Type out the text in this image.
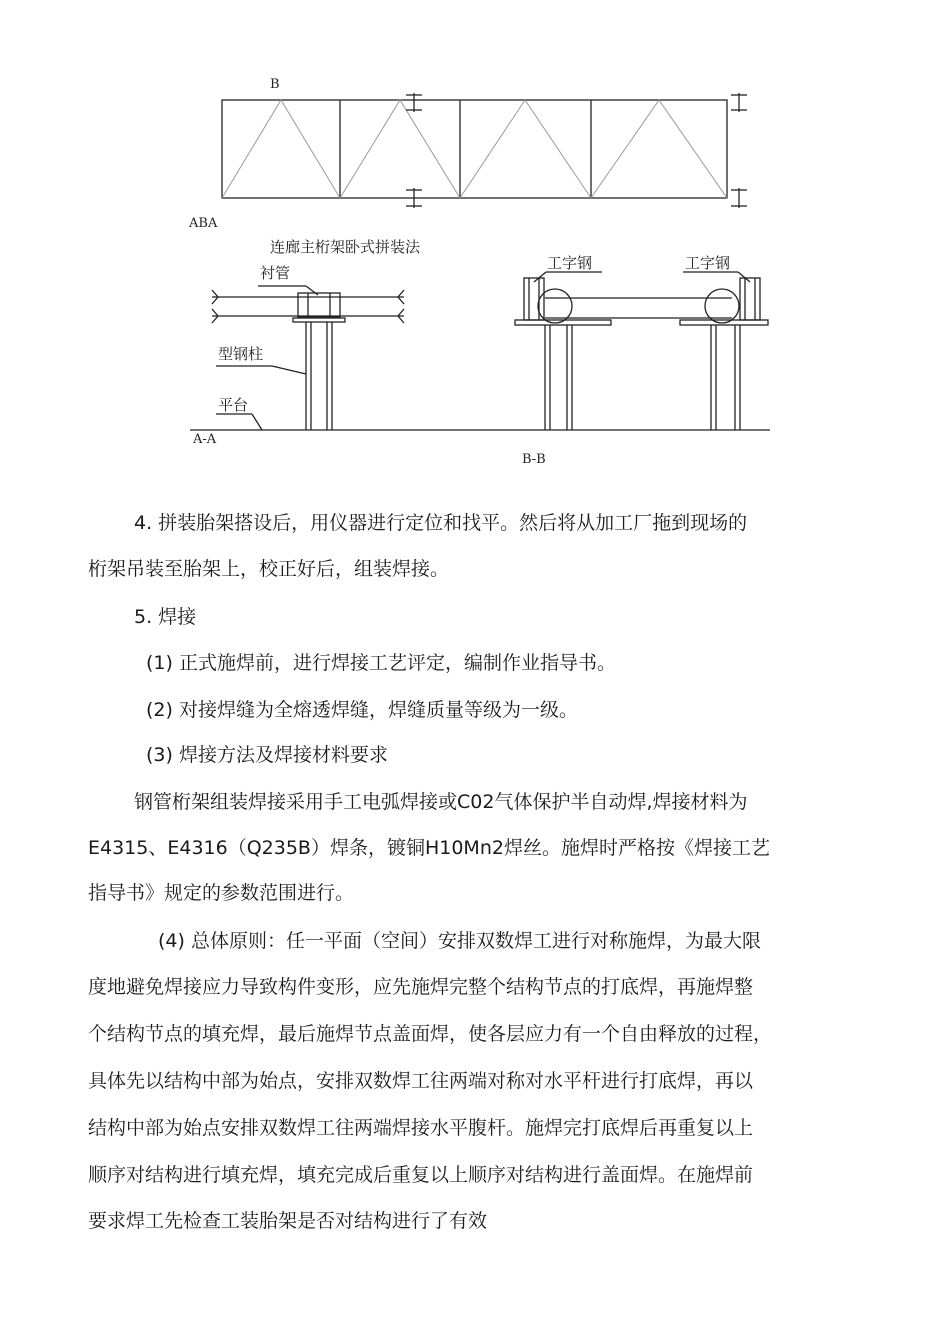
B
ABA
连廊主桁架卧式拼装法
衬管
型钢柱
平台
A-A
工字钢	工字钢
B-B
4. 拼装胎架搭设后，用仪器进行定位和找平。然后将从加工厂拖到现场的
桁架吊装至胎架上，校正好后，组装焊接。
5. 焊接
(1) 正式施焊前，进行焊接工艺评定，编制作业指导书。
(2) 对接焊缝为全熔透焊缝，焊缝质量等级为一级。
(3) 焊接方法及焊接材料要求
钢管桁架组装焊接采用手工电弧焊接或C02气体保护半自动焊,焊接材料为
E4315、E4316（Q235B）焊条，镀铜H10Mn2焊丝。施焊时严格按《焊接工艺
指导书》规定的参数范围进行。
(4) 总体原则：任一平面（空间）安排双数焊工进行对称施焊，为最大限
度地避免焊接应力导致构件变形，应先施焊完整个结构节点的打底焊，再施焊整
个结构节点的填充焊，最后施焊节点盖面焊，使各层应力有一个自由释放的过程，
具体先以结构中部为始点，安排双数焊工往两端对称对水平杆进行打底焊，再以
结构中部为始点安排双数焊工往两端焊接水平腹杆。施焊完打底焊后再重复以上
顺序对结构进行填充焊，填充完成后重复以上顺序对结构进行盖面焊。在施焊前
要求焊工先检查工装胎架是否对结构进行了有效
